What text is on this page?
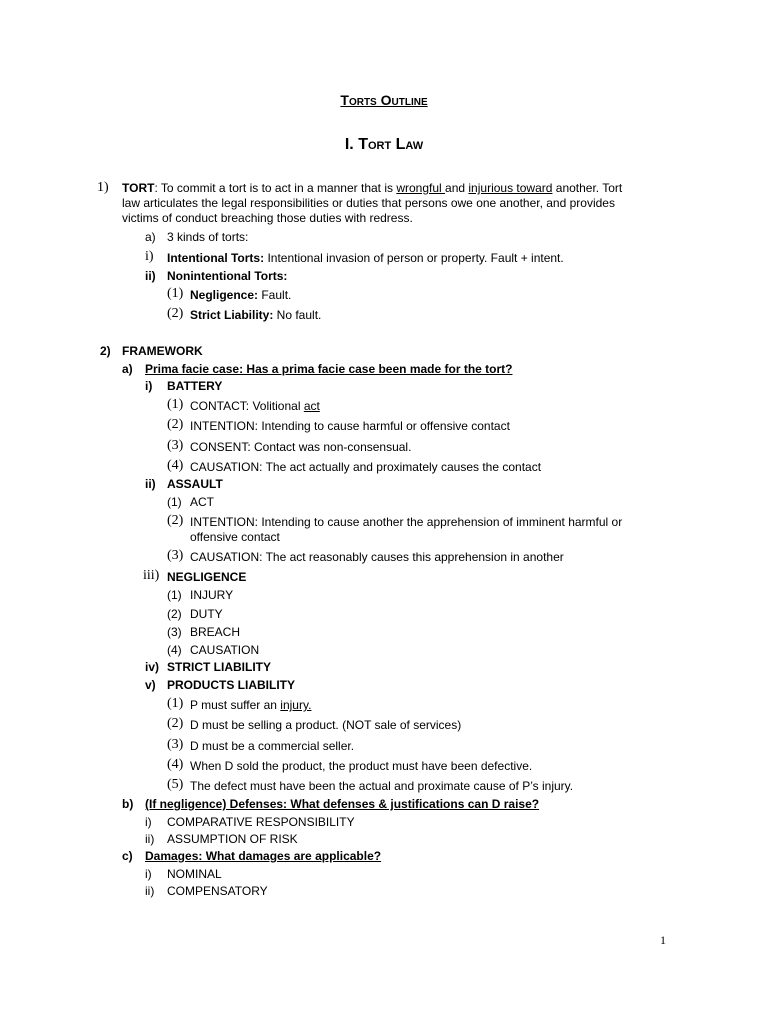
Torts Outline
I. Tort Law
1) TORT: To commit a tort is to act in a manner that is wrongful and injurious toward another. Tort
law articulates the legal responsibilities or duties that persons owe one another, and provides
victims of conduct breaching those duties with redress.
a) 3 kinds of torts:
i) Intentional Torts: Intentional invasion of person or property. Fault + intent.
ii) Nonintentional Torts:
(1) Negligence: Fault.
(2) Strict Liability: No fault.
2) FRAMEWORK
a) Prima facie case: Has a prima facie case been made for the tort?
i) BATTERY
(1) CONTACT: Volitional act
(2) INTENTION: Intending to cause harmful or offensive contact
(3) CONSENT: Contact was non-consensual.
(4) CAUSATION: The act actually and proximately causes the contact
ii) ASSAULT
(1) ACT
(2) INTENTION: Intending to cause another the apprehension of imminent harmful or
offensive contact
(3) CAUSATION: The act reasonably causes this apprehension in another
iii) NEGLIGENCE
(1) INJURY
(2) DUTY
(3) BREACH
(4) CAUSATION
iv) STRICT LIABILITY
v) PRODUCTS LIABILITY
(1) P must suffer an injury.
(2) D must be selling a product. (NOT sale of services)
(3) D must be a commercial seller.
(4) When D sold the product, the product must have been defective.
(5) The defect must have been the actual and proximate cause of P’s injury.
b) (If negligence) Defenses: What defenses & justifications can D raise?
i) COMPARATIVE RESPONSIBILITY
ii) ASSUMPTION OF RISK
c) Damages: What damages are applicable?
i) NOMINAL
ii) COMPENSATORY
1
